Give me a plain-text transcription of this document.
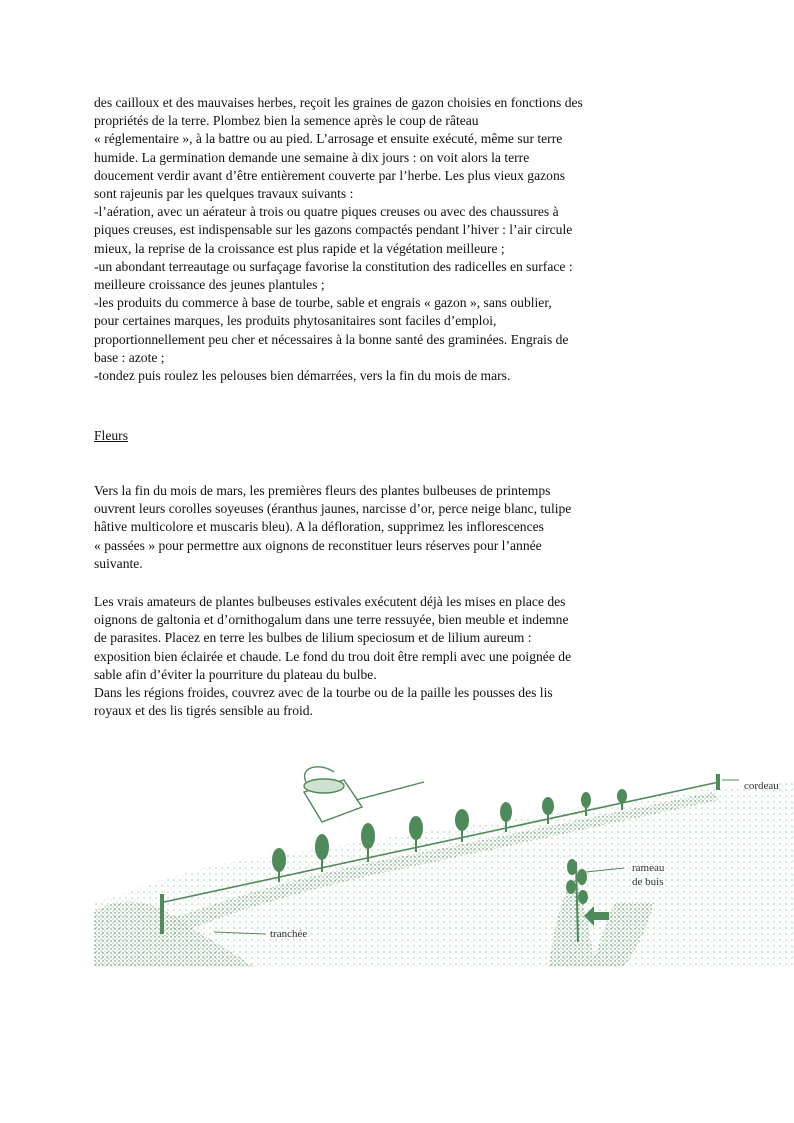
des cailloux et des mauvaises herbes, reçoit les graines de gazon choisies en fonctions des

propriétés de la terre. Plombez bien la semence après le coup de râteau

« réglementaire », à la battre ou au pied. L’arrosage et ensuite exécuté, même sur terre

humide. La germination demande une semaine à dix jours : on voit alors la terre

doucement verdir avant d’être entièrement couverte par l’herbe. Les plus vieux gazons

sont rajeunis par les quelques travaux suivants :

-l’aération, avec un aérateur à trois ou quatre piques creuses ou avec des chaussures à

piques creuses, est indispensable sur les gazons compactés pendant l’hiver : l’air circule

mieux, la reprise de la croissance est plus rapide et la végétation meilleure ;

-un abondant terreautage ou surfaçage favorise la constitution des radicelles en surface :

meilleure croissance des jeunes plantules ;

-les produits du commerce à base de tourbe, sable et engrais « gazon », sans oublier,

pour certaines marques, les produits phytosanitaires sont faciles d’emploi,

proportionnellement peu cher et nécessaires à la bonne santé des graminées. Engrais de

base : azote ;

-tondez puis roulez les pelouses bien démarrées, vers la fin du mois de mars.

Fleurs

Vers la fin du mois de mars, les premières fleurs des plantes bulbeuses de printemps

ouvrent leurs corolles soyeuses (éranthus jaunes, narcisse d’or, perce neige blanc, tulipe

hâtive multicolore et muscaris bleu). A la défloration, supprimez les inflorescences

« passées » pour permettre aux oignons de reconstituer leurs réserves pour l’année

suivante.

Les vrais amateurs de plantes bulbeuses estivales exécutent déjà les mises en place des

oignons de galtonia et d’ornithogalum dans une terre ressuyée, bien meuble et indemne

de parasites. Placez en terre les bulbes de lilium speciosum et de lilium aureum :

exposition bien éclairée et chaude. Le fond du trou doit être rempli avec une poignée de

sable afin d’éviter la pourriture du plateau du bulbe.

Dans les régions froides, couvrez avec de la tourbe ou de la paille les pousses des lis

royaux et des lis tigrés sensible au froid.

cordeau
rameau
de buis
tranchée
